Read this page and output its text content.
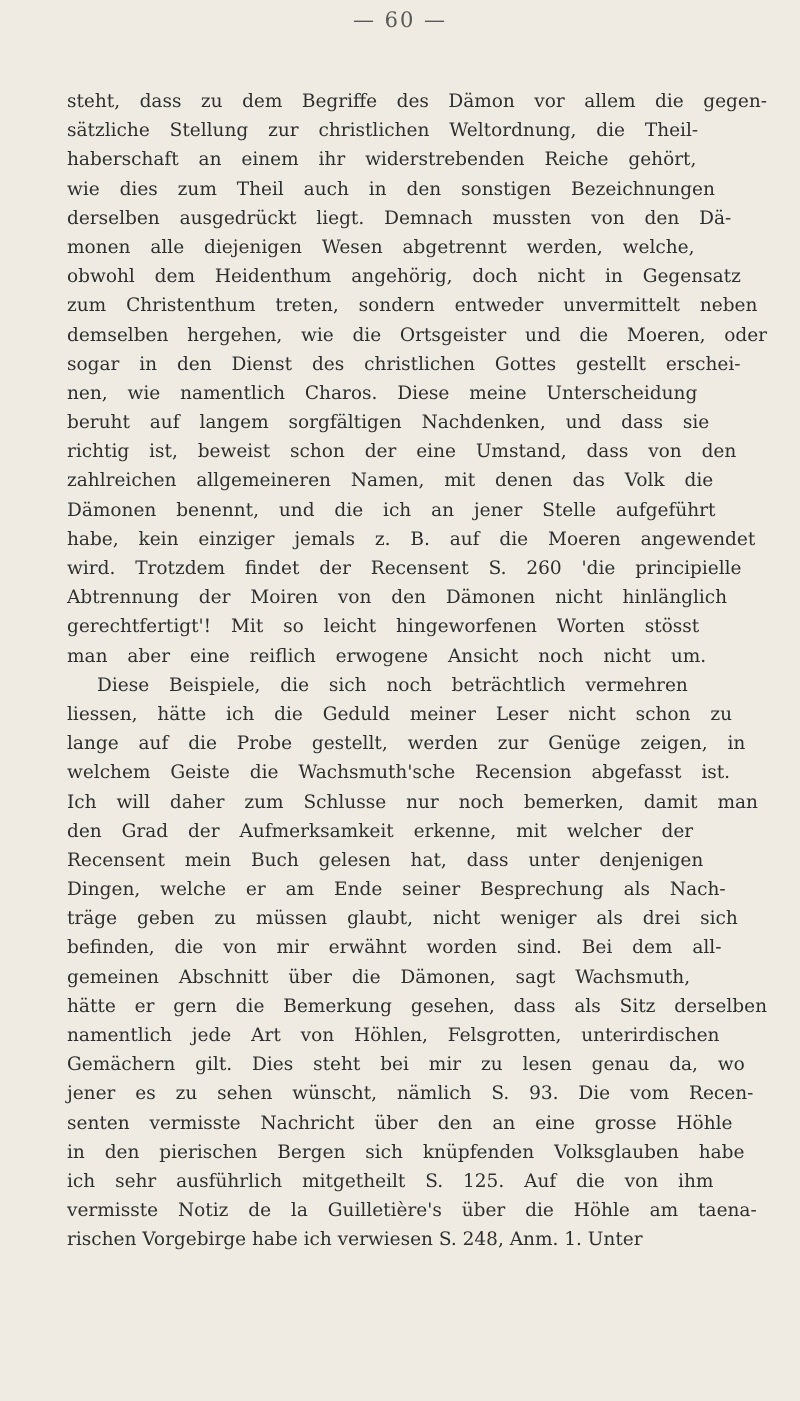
— 60 —
steht, dass zu dem Begriffe des Dämon vor allem die gegen-
sätzliche Stellung zur christlichen Weltordnung, die Theil-
haberschaft an einem ihr widerstrebenden Reiche gehört,
wie dies zum Theil auch in den sonstigen Bezeichnungen
derselben ausgedrückt liegt. Demnach mussten von den Dä-
monen alle diejenigen Wesen abgetrennt werden, welche,
obwohl dem Heidenthum angehörig, doch nicht in Gegensatz
zum Christenthum treten, sondern entweder unvermittelt neben
demselben hergehen, wie die Ortsgeister und die Moeren, oder
sogar in den Dienst des christlichen Gottes gestellt erschei-
nen, wie namentlich Charos. Diese meine Unterscheidung
beruht auf langem sorgfältigen Nachdenken, und dass sie
richtig ist, beweist schon der eine Umstand, dass von den
zahlreichen allgemeineren Namen, mit denen das Volk die
Dämonen benennt, und die ich an jener Stelle aufgeführt
habe, kein einziger jemals z. B. auf die Moeren angewendet
wird. Trotzdem findet der Recensent S. 260 'die principielle
Abtrennung der Moiren von den Dämonen nicht hinlänglich
gerechtfertigt'! Mit so leicht hingeworfenen Worten stösst
man aber eine reiflich erwogene Ansicht noch nicht um.
Diese Beispiele, die sich noch beträchtlich vermehren
liessen, hätte ich die Geduld meiner Leser nicht schon zu
lange auf die Probe gestellt, werden zur Genüge zeigen, in
welchem Geiste die Wachsmuth'sche Recension abgefasst ist.
Ich will daher zum Schlusse nur noch bemerken, damit man
den Grad der Aufmerksamkeit erkenne, mit welcher der
Recensent mein Buch gelesen hat, dass unter denjenigen
Dingen, welche er am Ende seiner Besprechung als Nach-
träge geben zu müssen glaubt, nicht weniger als drei sich
befinden, die von mir erwähnt worden sind. Bei dem all-
gemeinen Abschnitt über die Dämonen, sagt Wachsmuth,
hätte er gern die Bemerkung gesehen, dass als Sitz derselben
namentlich jede Art von Höhlen, Felsgrotten, unterirdischen
Gemächern gilt. Dies steht bei mir zu lesen genau da, wo
jener es zu sehen wünscht, nämlich S. 93. Die vom Recen-
senten vermisste Nachricht über den an eine grosse Höhle
in den pierischen Bergen sich knüpfenden Volksglauben habe
ich sehr ausführlich mitgetheilt S. 125. Auf die von ihm
vermisste Notiz de la Guilletière's über die Höhle am taena-
rischen Vorgebirge habe ich verwiesen S. 248, Anm. 1. Unter
